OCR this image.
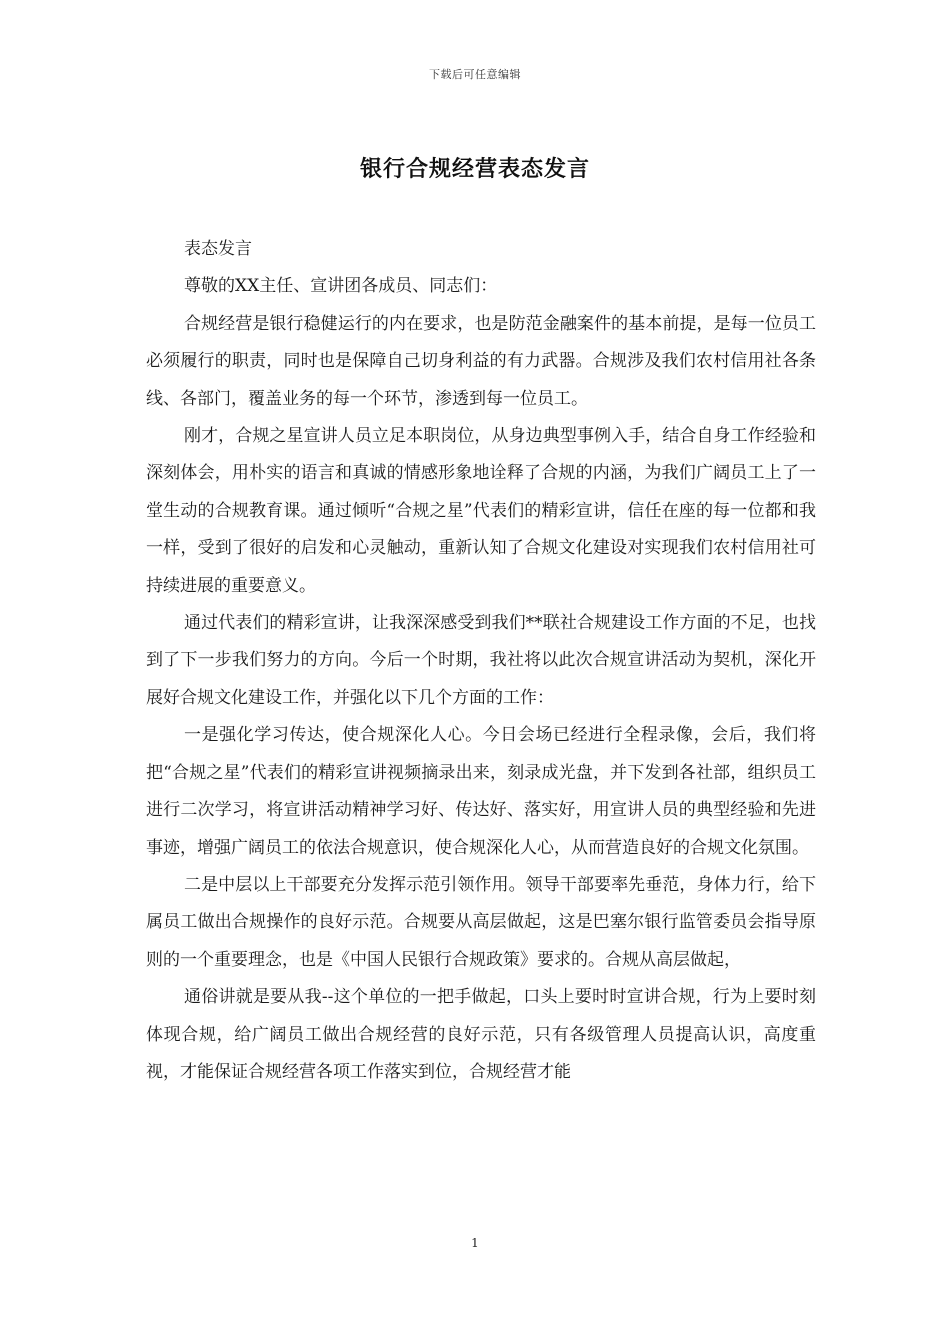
下载后可任意编辑
银行合规经营表态发言

表态发言

尊敬的XX主任、宣讲团各成员、同志们：

合规经营是银行稳健运行的内在要求，也是防范金融案件的基本前提，是每一位员工必须履行的职责，同时也是保障自己切身利益的有力武器。合规涉及我们农村信用社各条线、各部门，覆盖业务的每一个环节，渗透到每一位员工。

刚才，合规之星宣讲人员立足本职岗位，从身边典型事例入手，结合自身工作经验和深刻体会，用朴实的语言和真诚的情感形象地诠释了合规的内涵，为我们广阔员工上了一堂生动的合规教育课。通过倾听“合规之星”代表们的精彩宣讲，信任在座的每一位都和我一样，受到了很好的启发和心灵触动，重新认知了合规文化建设对实现我们农村信用社可持续进展的重要意义。

通过代表们的精彩宣讲，让我深深感受到我们**联社合规建设工作方面的不足，也找到了下一步我们努力的方向。今后一个时期，我社将以此次合规宣讲活动为契机，深化开展好合规文化建设工作，并强化以下几个方面的工作：

一是强化学习传达，使合规深化人心。今日会场已经进行全程录像，会后，我们将把“合规之星”代表们的精彩宣讲视频摘录出来，刻录成光盘，并下发到各社部，组织员工进行二次学习，将宣讲活动精神学习好、传达好、落实好，用宣讲人员的典型经验和先进事迹，增强广阔员工的依法合规意识，使合规深化人心，从而营造良好的合规文化氛围。

二是中层以上干部要充分发挥示范引领作用。领导干部要率先垂范，身体力行，给下属员工做出合规操作的良好示范。合规要从高层做起，这是巴塞尔银行监管委员会指导原则的一个重要理念，也是《中国人民银行合规政策》要求的。合规从高层做起，

通俗讲就是要从我--这个单位的一把手做起，口头上要时时宣讲合规，行为上要时刻体现合规，给广阔员工做出合规经营的良好示范，只有各级管理人员提高认识，高度重视，才能保证合规经营各项工作落实到位，合规经营才能

1
